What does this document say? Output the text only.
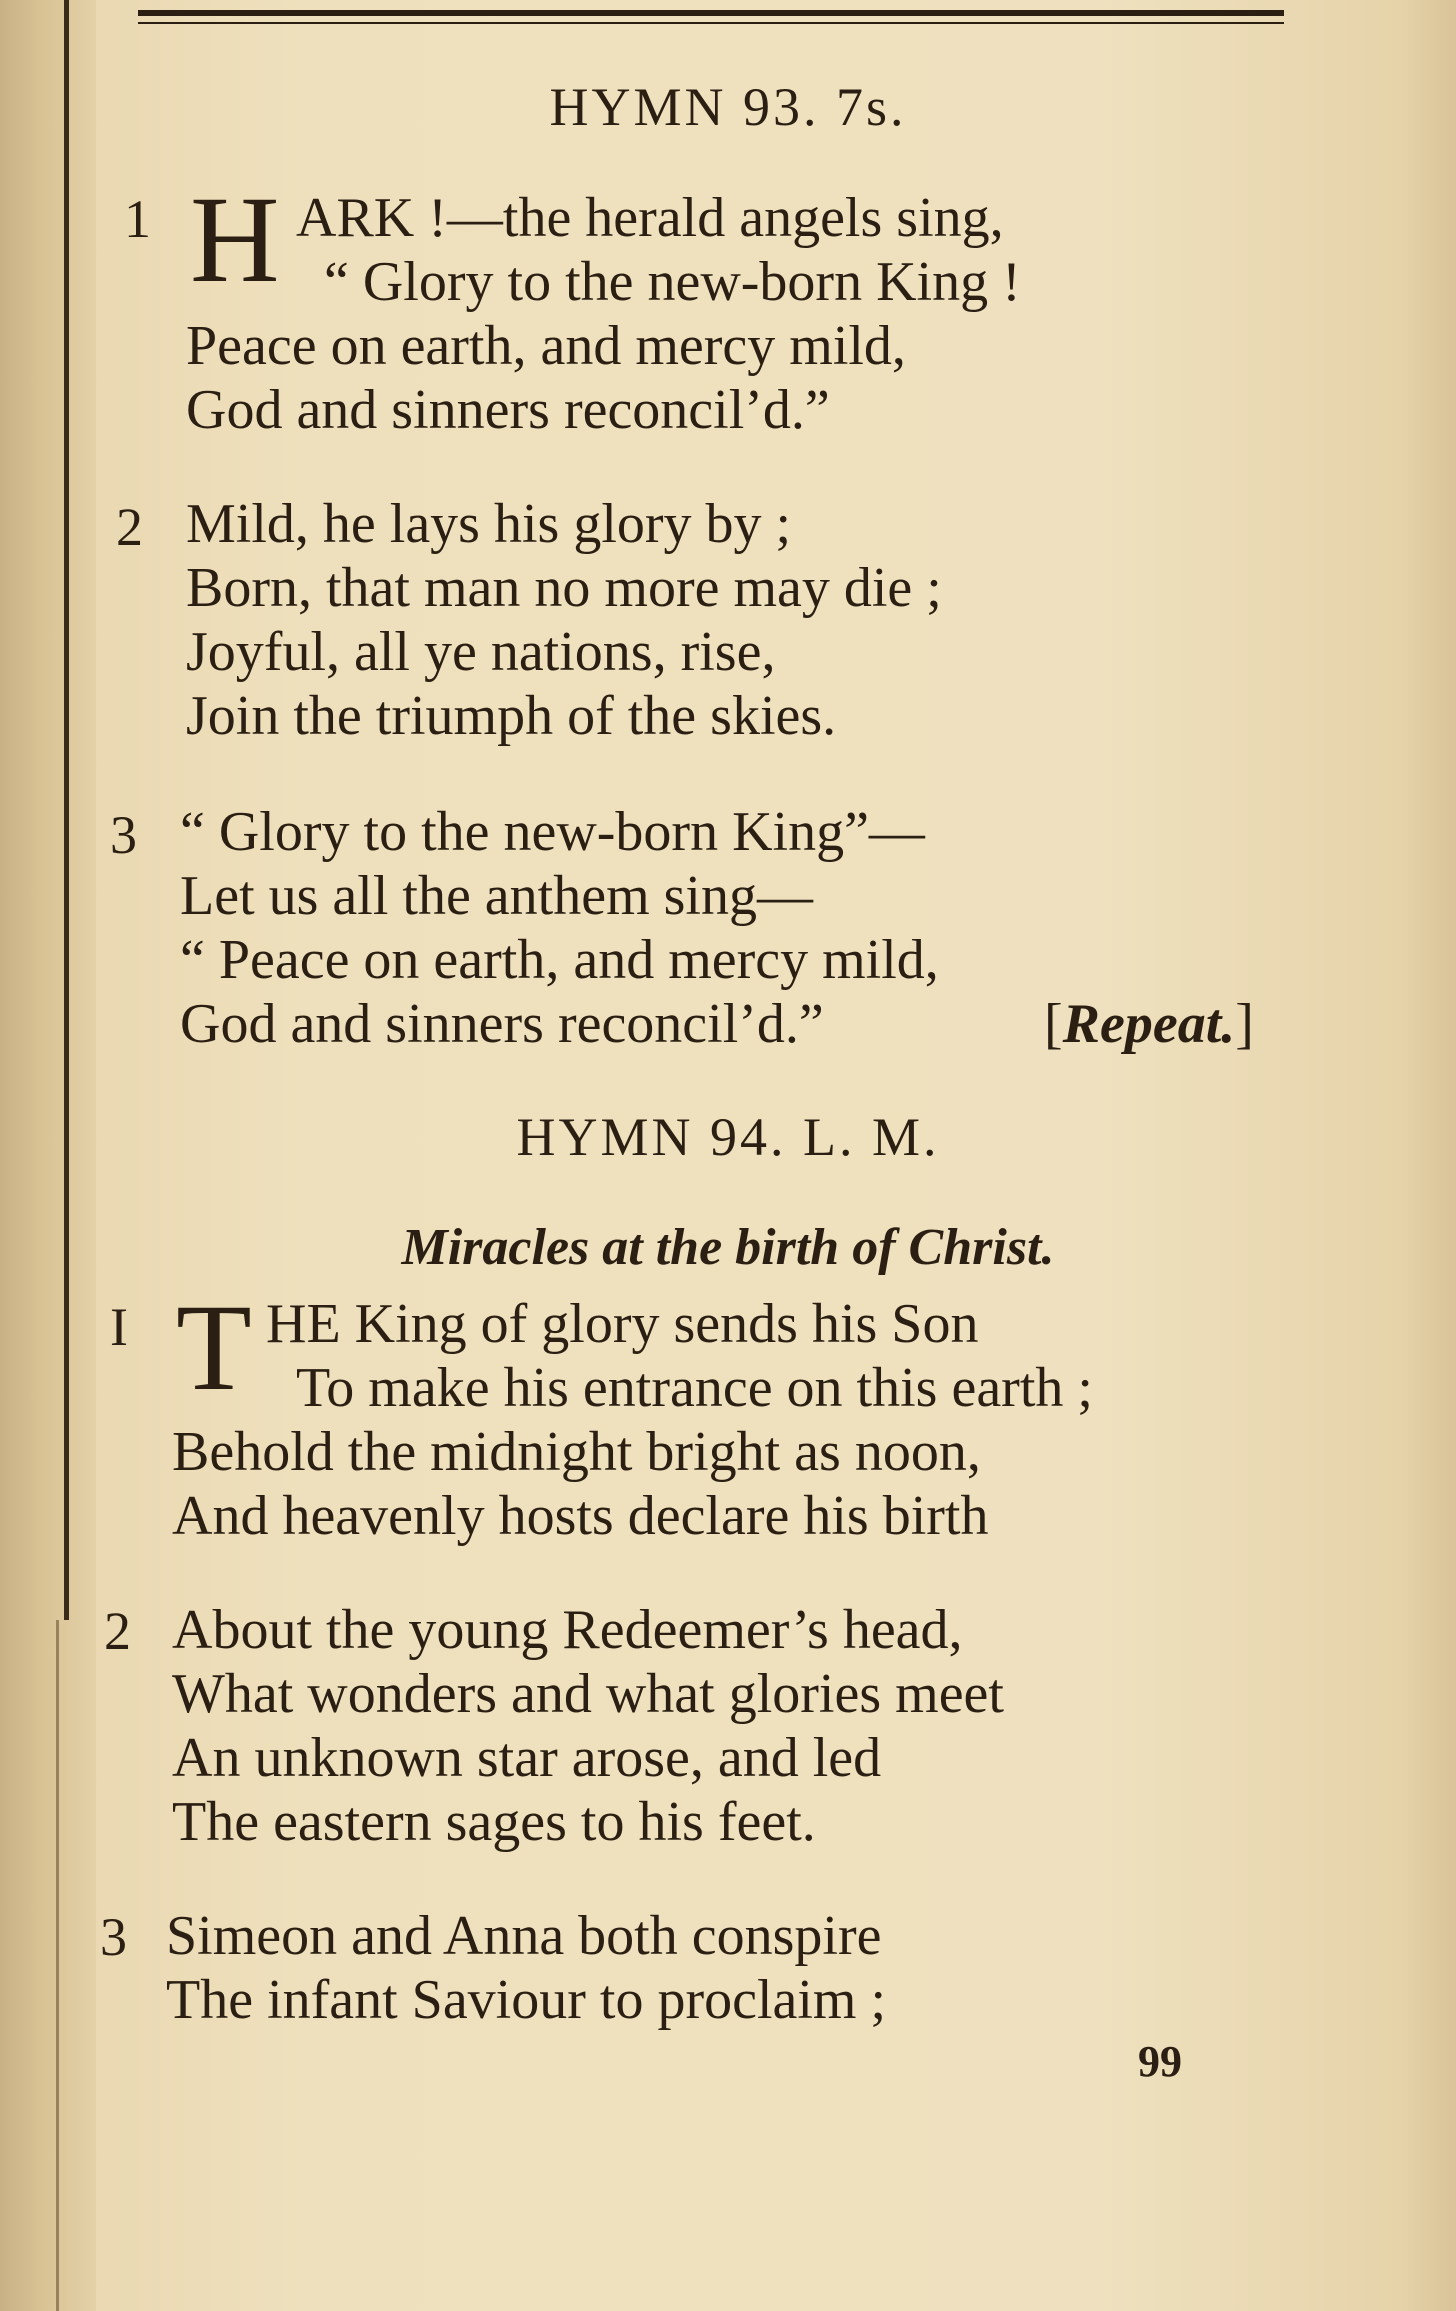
HYMN 93. 7s.
1 H ARK !—the herald angels sing,
“ Glory to the new-born King !
Peace on earth, and mercy mild,
God and sinners reconcil’d.”
2 Mild, he lays his glory by ;
Born, that man no more may die ;
Joyful, all ye nations, rise,
Join the triumph of the skies.
3 “ Glory to the new-born King”—
Let us all the anthem sing—
“ Peace on earth, and mercy mild,
God and sinners reconcil’d.”	[Repeat.]
HYMN 94. L. M.
Miracles at the birth of Christ.
I T HE King of glory sends his Son
To make his entrance on this earth ;
Behold the midnight bright as noon,
And heavenly hosts declare his birth
2 About the young Redeemer’s head,
What wonders and what glories meet
An unknown star arose, and led
The eastern sages to his feet.
3 Simeon and Anna both conspire
The infant Saviour to proclaim ;
99
